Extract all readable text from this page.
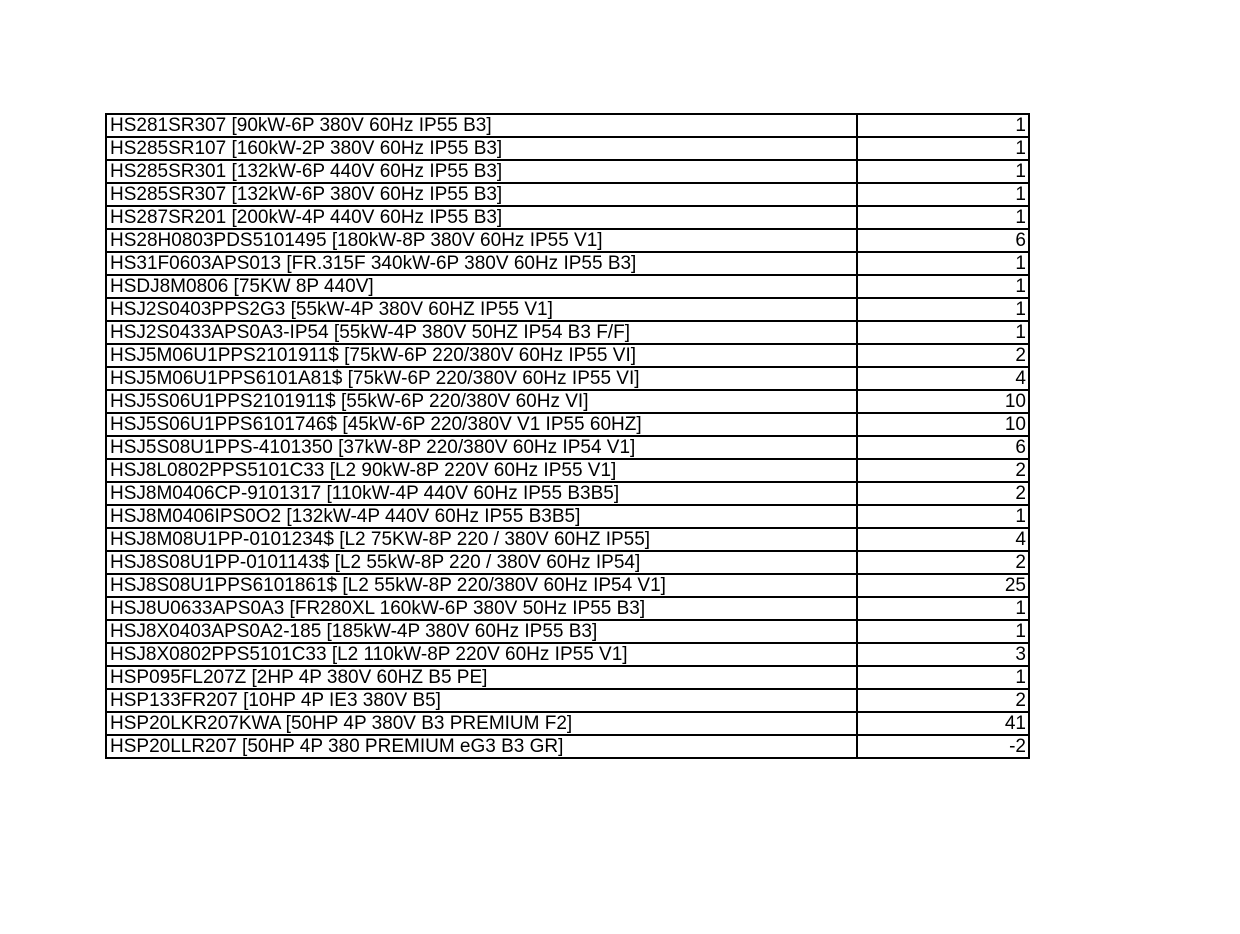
HS281SR307 [90kW-6P 380V 60Hz IP55 B3]	1
HS285SR107 [160kW-2P 380V 60Hz IP55 B3]	1
HS285SR301 [132kW-6P 440V 60Hz IP55 B3]	1
HS285SR307 [132kW-6P 380V 60Hz IP55 B3]	1
HS287SR201 [200kW-4P 440V 60Hz IP55 B3]	1
HS28H0803PDS5101495 [180kW-8P 380V 60Hz IP55 V1]	6
HS31F0603APS013 [FR.315F 340kW-6P 380V 60Hz IP55 B3]	1
HSDJ8M0806 [75KW 8P 440V]	1
HSJ2S0403PPS2G3 [55kW-4P 380V 60HZ IP55 V1]	1
HSJ2S0433APS0A3-IP54 [55kW-4P 380V 50HZ IP54 B3 F/F]	1
HSJ5M06U1PPS2101911$ [75kW-6P 220/380V 60Hz IP55 VI]	2
HSJ5M06U1PPS6101A81$ [75kW-6P 220/380V 60Hz IP55 VI]	4
HSJ5S06U1PPS2101911$ [55kW-6P 220/380V 60Hz VI]	10
HSJ5S06U1PPS6101746$ [45kW-6P 220/380V V1 IP55 60HZ]	10
HSJ5S08U1PPS-4101350 [37kW-8P 220/380V 60Hz IP54 V1]	6
HSJ8L0802PPS5101C33 [L2 90kW-8P 220V 60Hz IP55 V1]	2
HSJ8M0406CP-9101317 [110kW-4P 440V 60Hz IP55 B3B5]	2
HSJ8M0406IPS0O2 [132kW-4P 440V 60Hz IP55 B3B5]	1
HSJ8M08U1PP-0101234$ [L2 75KW-8P 220 / 380V 60HZ IP55]	4
HSJ8S08U1PP-0101143$ [L2 55kW-8P 220 / 380V 60Hz IP54]	2
HSJ8S08U1PPS6101861$ [L2 55kW-8P 220/380V 60Hz IP54 V1]	25
HSJ8U0633APS0A3 [FR280XL 160kW-6P 380V 50Hz IP55 B3]	1
HSJ8X0403APS0A2-185 [185kW-4P 380V 60Hz IP55 B3]	1
HSJ8X0802PPS5101C33 [L2 110kW-8P 220V 60Hz IP55 V1]	3
HSP095FL207Z [2HP 4P 380V 60HZ B5 PE]	1
HSP133FR207 [10HP 4P IE3 380V B5]	2
HSP20LKR207KWA [50HP 4P 380V B3 PREMIUM F2]	41
HSP20LLR207 [50HP 4P 380 PREMIUM eG3 B3 GR]	-2
